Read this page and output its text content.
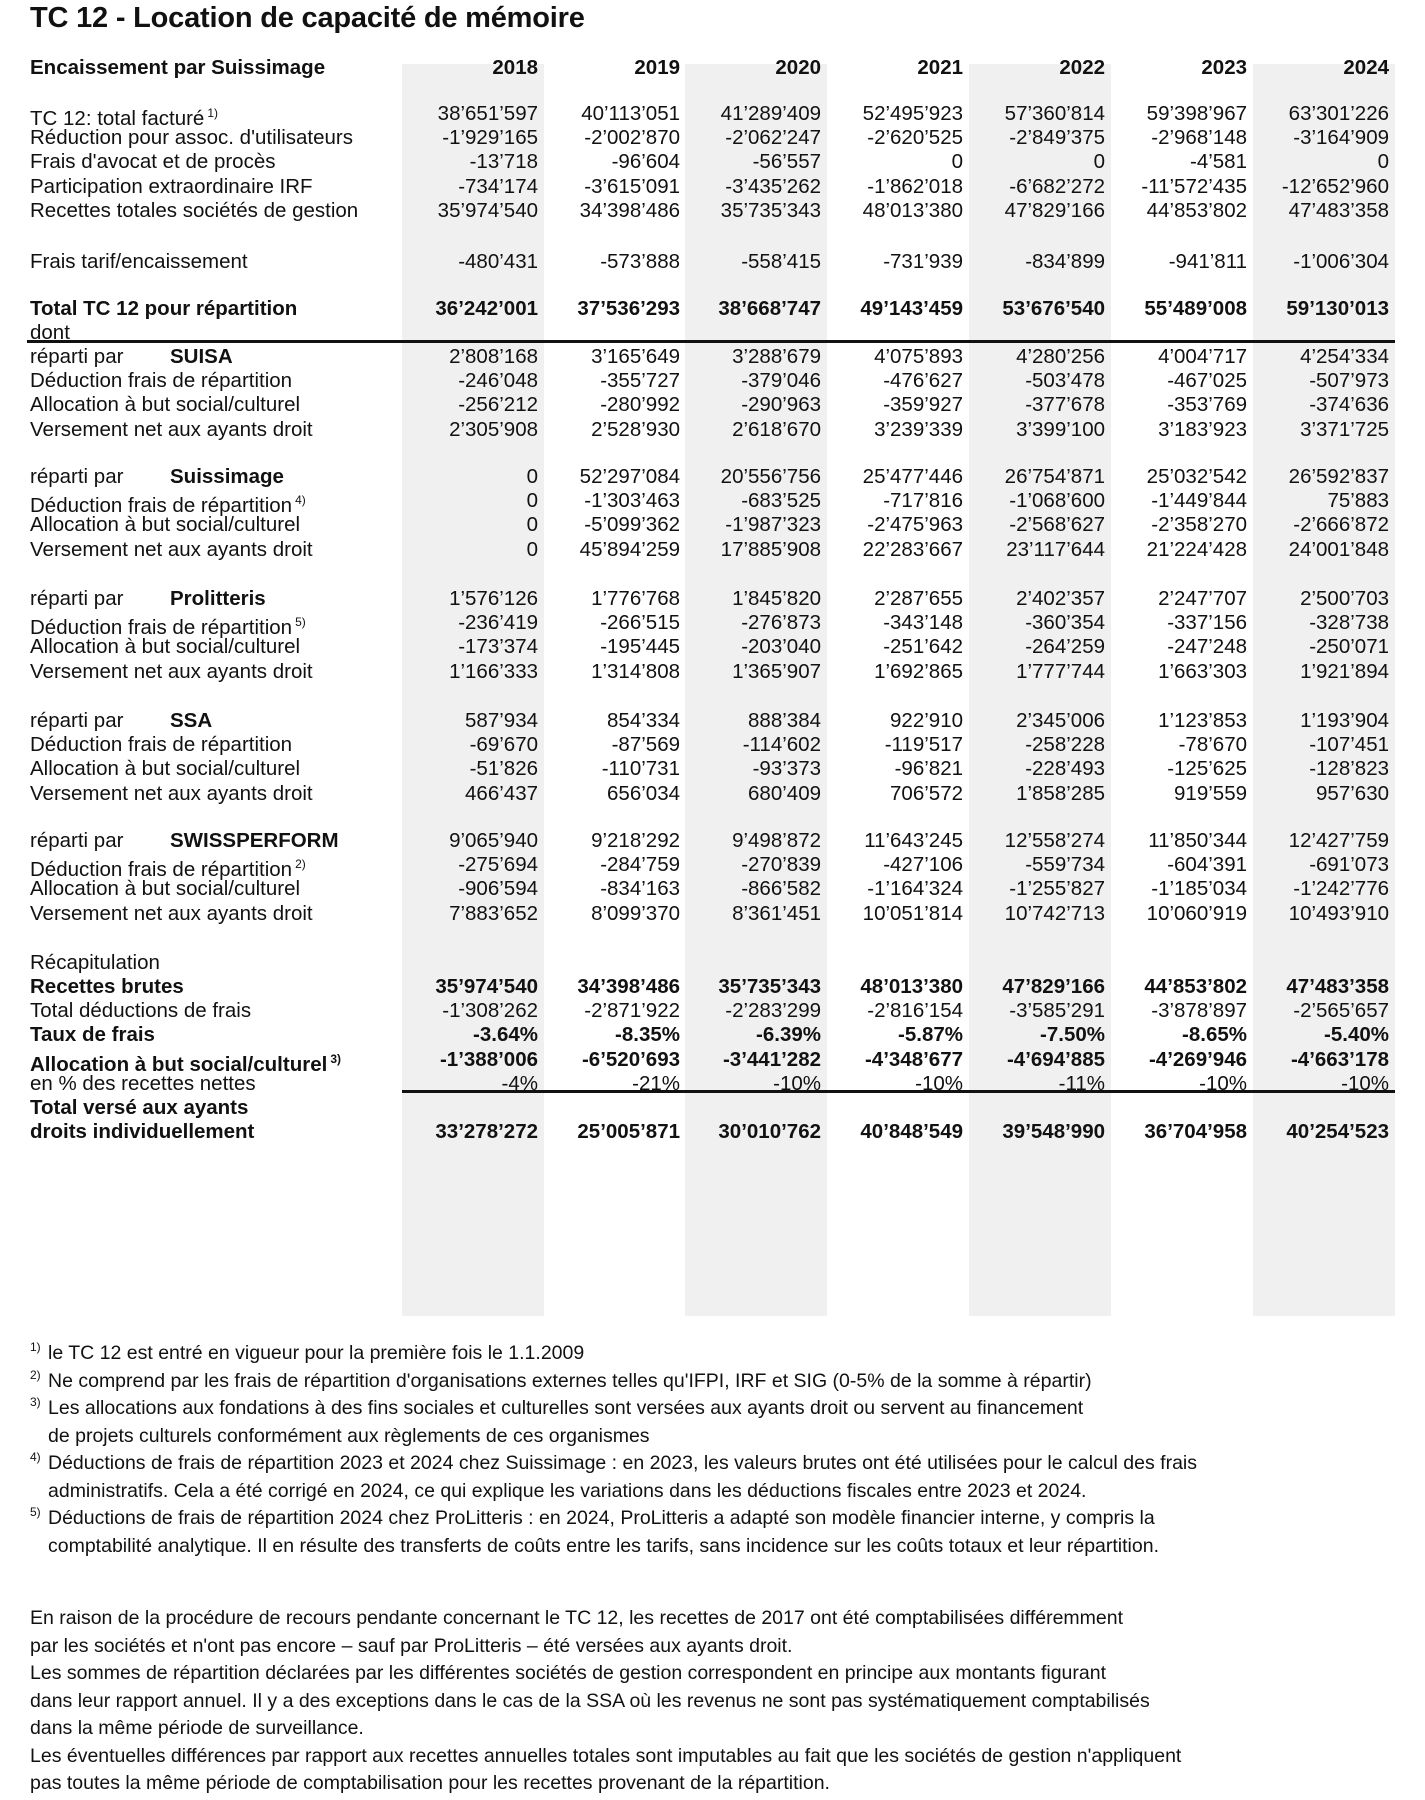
TC 12 - Location de capacité de mémoire
Encaissement par Suissimage	2018	2019	2020	2021	2022	2023	2024
TC 12: total facturé $^{1)}$	38’651’597	40’113’051	41’289’409	52’495’923	57’360’814	59’398’967	63’301’226
Réduction pour assoc. d'utilisateurs	-1’929’165	-2’002’870	-2’062’247	-2’620’525	-2’849’375	-2’968’148	-3’164’909
Frais d'avocat et de procès	-13’718	-96’604	-56’557	0	0	-4’581	0
Participation extraordinaire IRF	-734’174	-3’615’091	-3’435’262	-1’862’018	-6’682’272	-11’572’435	-12’652’960
Recettes totales sociétés de gestion	35’974’540	34’398’486	35’735’343	48’013’380	47’829’166	44’853’802	47’483’358
Frais tarif/encaissement	-480’431	-573’888	-558’415	-731’939	-834’899	-941’811	-1’006’304
Total TC 12 pour répartition	36’242’001	37’536’293	38’668’747	49’143’459	53’676’540	55’489’008	59’130’013
dont
réparti par SUISA	2’808’168	3’165’649	3’288’679	4’075’893	4’280’256	4’004’717	4’254’334
Déduction frais de répartition	-246’048	-355’727	-379’046	-476’627	-503’478	-467’025	-507’973
Allocation à but social/culturel	-256’212	-280’992	-290’963	-359’927	-377’678	-353’769	-374’636
Versement net aux ayants droit	2’305’908	2’528’930	2’618’670	3’239’339	3’399’100	3’183’923	3’371’725
réparti par Suissimage	0	52’297’084	20’556’756	25’477’446	26’754’871	25’032’542	26’592’837
Déduction frais de répartition $^{4)}$	0	-1’303’463	-683’525	-717’816	-1’068’600	-1’449’844	75’883
Allocation à but social/culturel	0	-5’099’362	-1’987’323	-2’475’963	-2’568’627	-2’358’270	-2’666’872
Versement net aux ayants droit	0	45’894’259	17’885’908	22’283’667	23’117’644	21’224’428	24’001’848
réparti par Prolitteris	1’576’126	1’776’768	1’845’820	2’287’655	2’402’357	2’247’707	2’500’703
Déduction frais de répartition $^{5)}$	-236’419	-266’515	-276’873	-343’148	-360’354	-337’156	-328’738
Allocation à but social/culturel	-173’374	-195’445	-203’040	-251’642	-264’259	-247’248	-250’071
Versement net aux ayants droit	1’166’333	1’314’808	1’365’907	1’692’865	1’777’744	1’663’303	1’921’894
réparti par SSA	587’934	854’334	888’384	922’910	2’345’006	1’123’853	1’193’904
Déduction frais de répartition	-69’670	-87’569	-114’602	-119’517	-258’228	-78’670	-107’451
Allocation à but social/culturel	-51’826	-110’731	-93’373	-96’821	-228’493	-125’625	-128’823
Versement net aux ayants droit	466’437	656’034	680’409	706’572	1’858’285	919’559	957’630
réparti par SWISSPERFORM	9’065’940	9’218’292	9’498’872	11’643’245	12’558’274	11’850’344	12’427’759
Déduction frais de répartition $^{2)}$	-275’694	-284’759	-270’839	-427’106	-559’734	-604’391	-691’073
Allocation à but social/culturel	-906’594	-834’163	-866’582	-1’164’324	-1’255’827	-1’185’034	-1’242’776
Versement net aux ayants droit	7’883’652	8’099’370	8’361’451	10’051’814	10’742’713	10’060’919	10’493’910
Récapitulation
Recettes brutes	35’974’540	34’398’486	35’735’343	48’013’380	47’829’166	44’853’802	47’483’358
Total déductions de frais	-1’308’262	-2’871’922	-2’283’299	-2’816’154	-3’585’291	-3’878’897	-2’565’657
Taux de frais	-3.64%	-8.35%	-6.39%	-5.87%	-7.50%	-8.65%	-5.40%
Allocation à but social/culturel $^{3)}$	-1’388’006	-6’520’693	-3’441’282	-4’348’677	-4’694’885	-4’269’946	-4’663’178
en % des recettes nettes	-4%	-21%	-10%	-10%	-11%	-10%	-10%
Total versé aux ayants
droits individuellement	33’278’272	25’005’871	30’010’762	40’848’549	39’548’990	36’704’958	40’254’523
1) le TC 12 est entré en vigueur pour la première fois le 1.1.2009
2) Ne comprend par les frais de répartition d'organisations externes telles qu'IFPI, IRF et SIG (0-5% de la somme à répartir)
3) Les allocations aux fondations à des fins sociales et culturelles sont versées aux ayants droit ou servent au financement
de projets culturels conformément aux règlements de ces organismes
4) Déductions de frais de répartition 2023 et 2024 chez Suissimage : en 2023, les valeurs brutes ont été utilisées pour le calcul des frais
administratifs. Cela a été corrigé en 2024, ce qui explique les variations dans les déductions fiscales entre 2023 et 2024.
5) Déductions de frais de répartition 2024 chez ProLitteris : en 2024, ProLitteris a adapté son modèle financier interne, y compris la
comptabilité analytique. Il en résulte des transferts de coûts entre les tarifs, sans incidence sur les coûts totaux et leur répartition.
En raison de la procédure de recours pendante concernant le TC 12, les recettes de 2017 ont été comptabilisées différemment
par les sociétés et n'ont pas encore – sauf par ProLitteris – été versées aux ayants droit.
Les sommes de répartition déclarées par les différentes sociétés de gestion correspondent en principe aux montants figurant
dans leur rapport annuel. Il y a des exceptions dans le cas de la SSA où les revenus ne sont pas systématiquement comptabilisés
dans la même période de surveillance.
Les éventuelles différences par rapport aux recettes annuelles totales sont imputables au fait que les sociétés de gestion n'appliquent
pas toutes la même période de comptabilisation pour les recettes provenant de la répartition.
